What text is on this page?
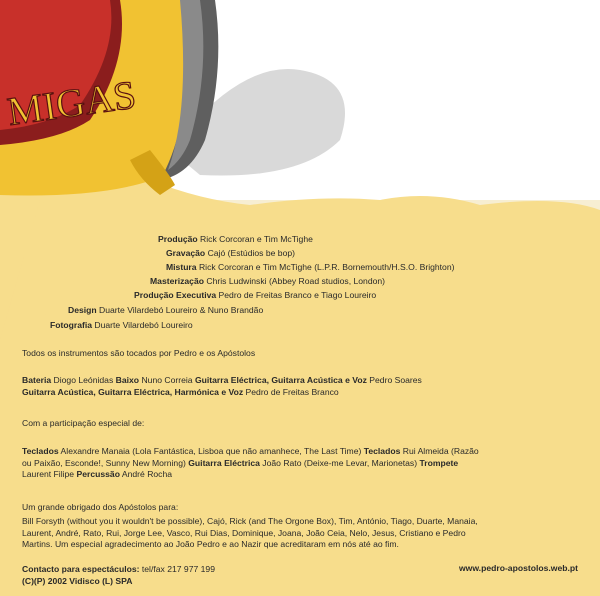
MIGAS
Produção Rick Corcoran e Tim McTighe
Gravação Cajó (Estúdios be bop)
Mistura Rick Corcoran e Tim McTighe (L.P.R. Bornemouth/H.S.O. Brighton)
Masterização Chris Ludwinski (Abbey Road studios, London)
Produção Executiva Pedro de Freitas Branco e Tiago Loureiro
Design Duarte Vilardebó Loureiro & Nuno Brandão
Fotografia Duarte Vilardebó Loureiro
Todos os instrumentos são tocados por Pedro e os Apóstolos
Bateria Diogo Leónidas Baixo Nuno Correia Guitarra Eléctrica, Guitarra Acústica e Voz Pedro Soares
Guitarra Acústica, Guitarra Eléctrica, Harmónica e Voz Pedro de Freitas Branco
Com a participação especial de:
Teclados Alexandre Manaia (Lola Fantástica, Lisboa que não amanhece, The Last Time) Teclados Rui Almeida (Razão
ou Paixão, Esconde!, Sunny New Morning) Guitarra Eléctrica João Rato (Deixe-me Levar, Marionetas) Trompete
Laurent Filipe Percussão André Rocha
Um grande obrigado dos Apóstolos para:
Bill Forsyth (without you it wouldn't be possible), Cajó, Rick (and The Orgone Box), Tim, António, Tiago, Duarte, Manaia,
Laurent, André, Rato, Rui, Jorge Lee, Vasco, Rui Dias, Dominique, Joana, João Ceia, Nelo, Jesus, Cristiano e Pedro
Martins. Um especial agradecimento ao João Pedro e ao Nazir que acreditaram em nós até ao fim.
Contacto para espectáculos: tel/fax 217 977 199
(C)(P) 2002 Vidisco (L) SPA
www.pedro-apostolos.web.pt
